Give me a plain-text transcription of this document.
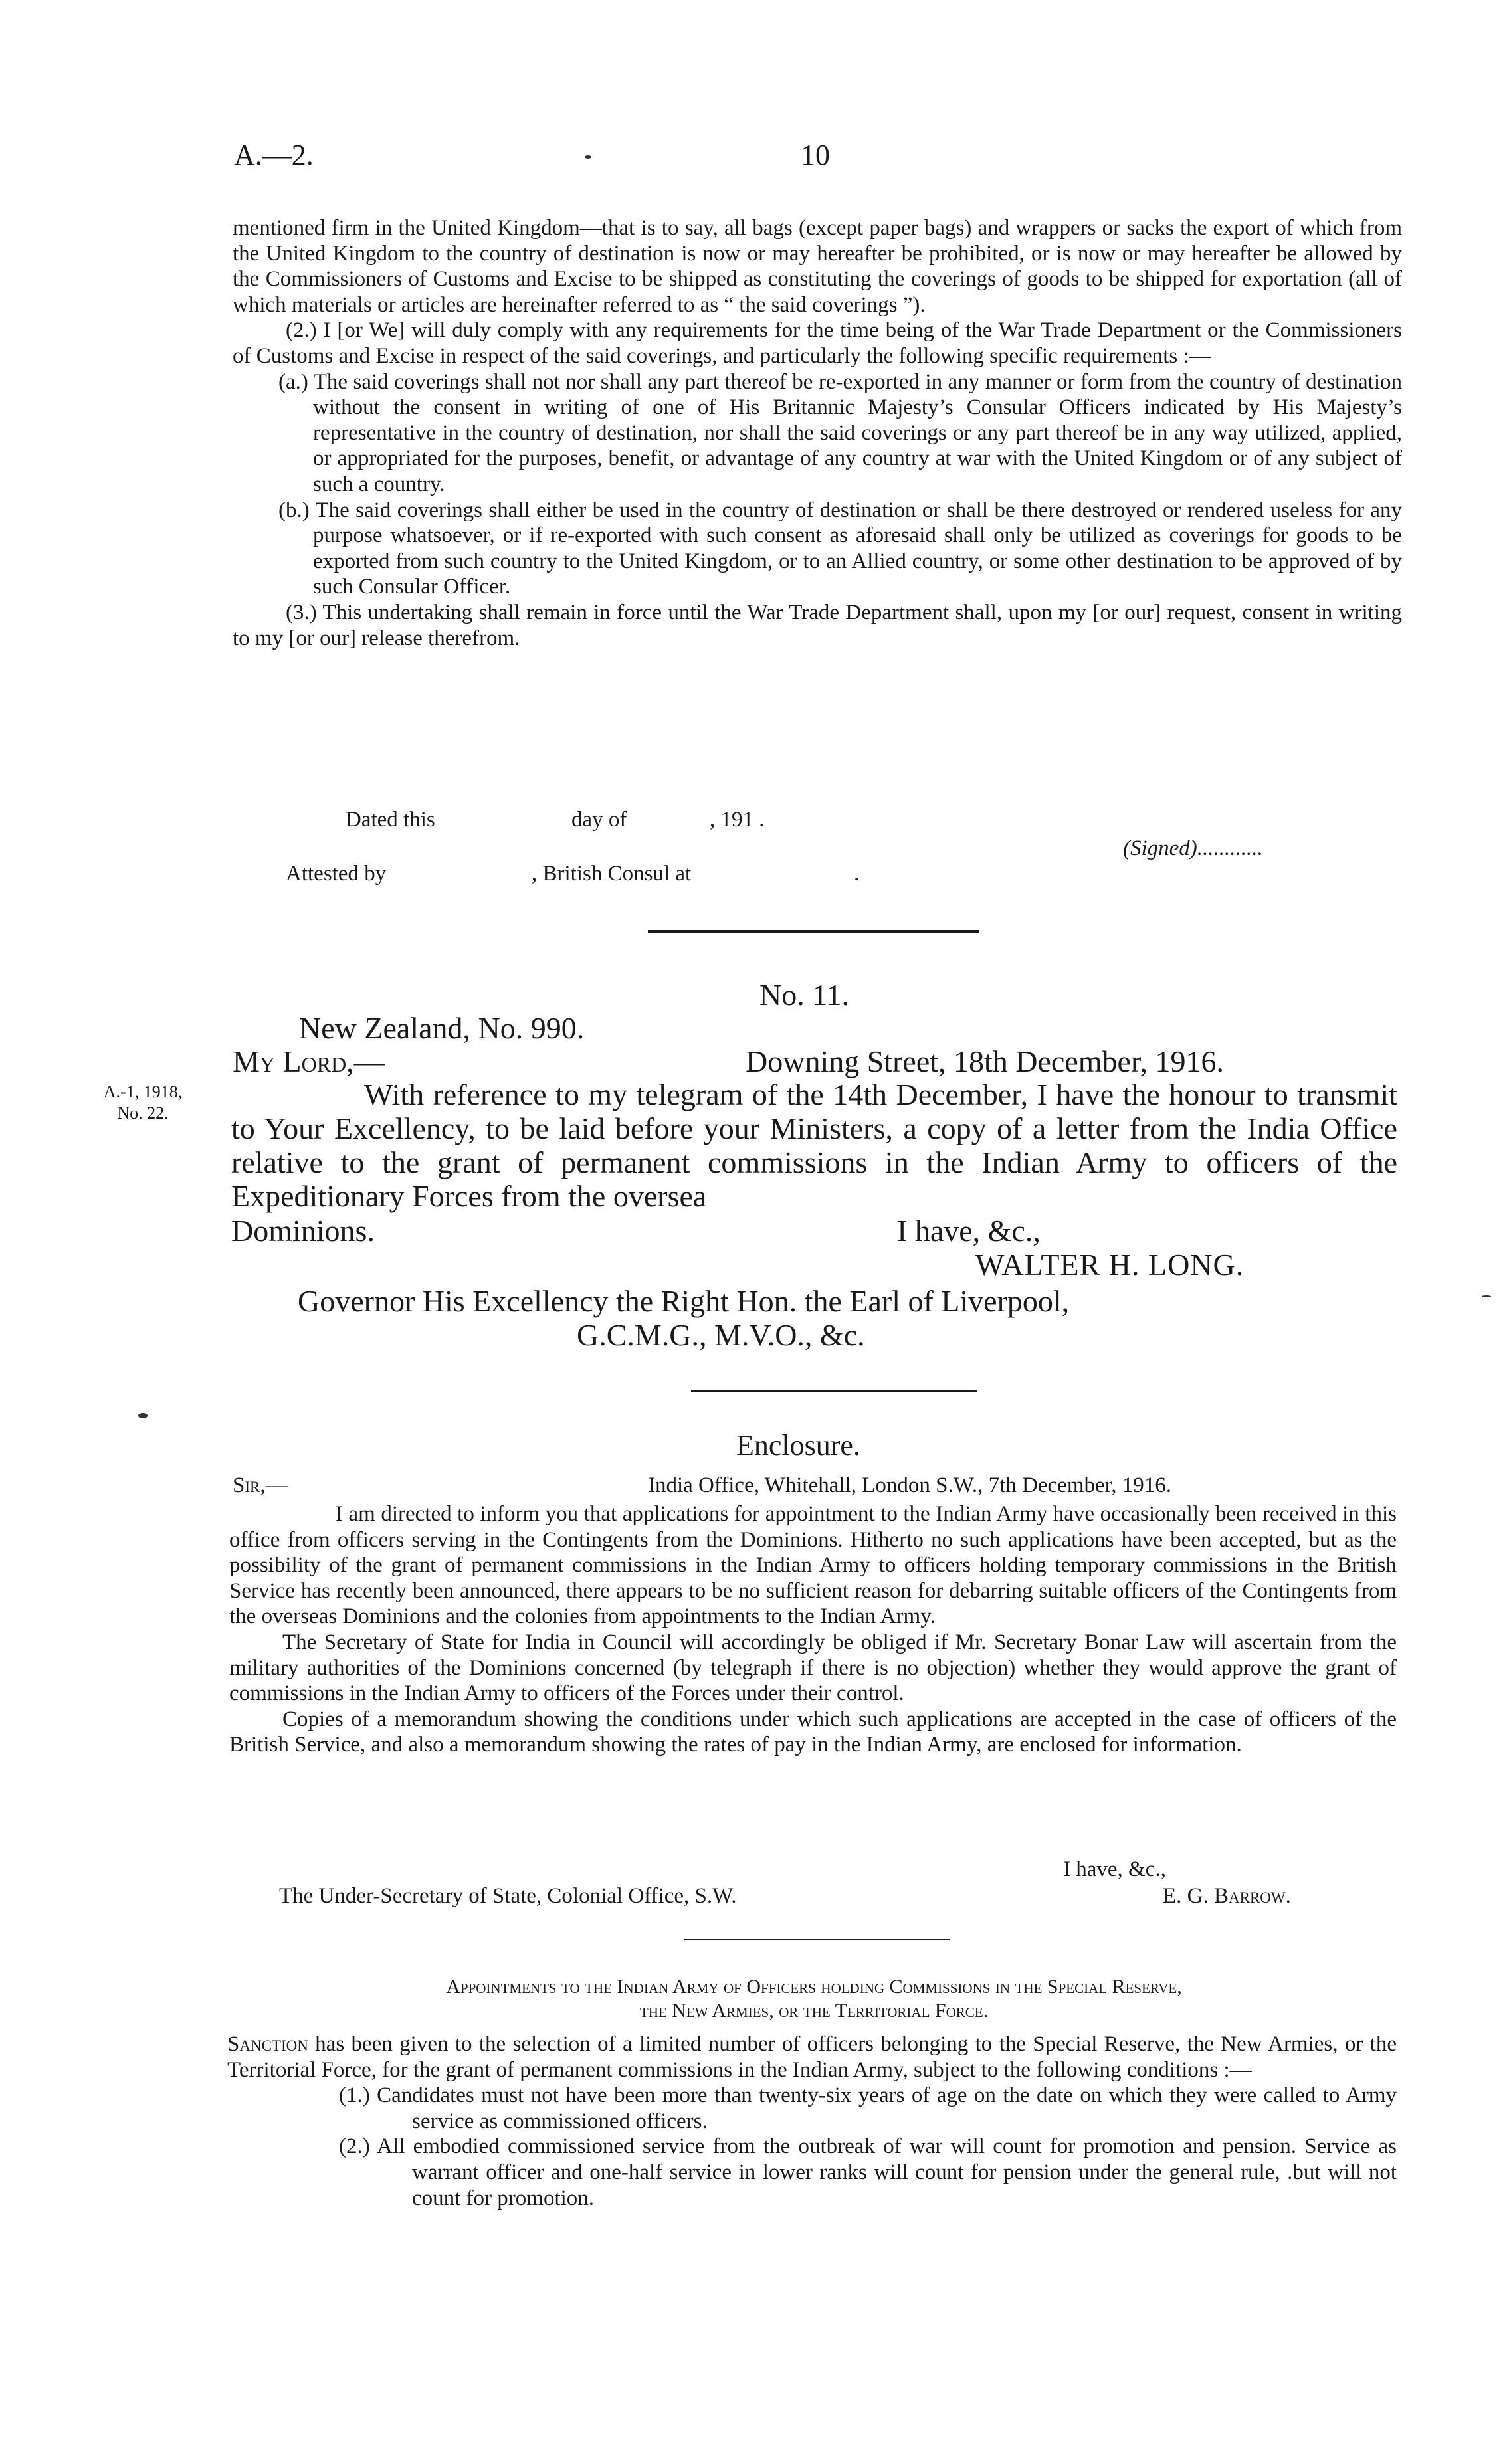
A.—2.	10

mentioned firm in the United Kingdom—that is to say, all bags (except paper bags) and wrappers or sacks the export of which from the United Kingdom to the country of destination is now or may hereafter be prohibited, or is now or may hereafter be allowed by the Commissioners of Customs and Excise to be shipped as constituting the coverings of goods to be shipped for exportation (all of which materials or articles are hereinafter referred to as “ the said coverings ”).

(2.) I [or We] will duly comply with any requirements for the time being of the War Trade Department or the Commissioners of Customs and Excise in respect of the said coverings, and particularly the following specific requirements :—

(a.) The said coverings shall not nor shall any part thereof be re-exported in any manner or form from the country of destination without the consent in writing of one of His Britannic Majesty’s Consular Officers indicated by His Majesty’s representative in the country of destination, nor shall the said coverings or any part thereof be in any way utilized, applied, or appropriated for the purposes, benefit, or advantage of any country at war with the United Kingdom or of any subject of such a country.

(b.) The said coverings shall either be used in the country of destination or shall be there destroyed or rendered useless for any purpose whatsoever, or if re-exported with such consent as aforesaid shall only be utilized as coverings for goods to be exported from such country to the United Kingdom, or to an Allied country, or some other destination to be approved of by such Consular Officer.

(3.) This undertaking shall remain in force until the War Trade Department shall, upon my [or our] request, consent in writing to my [or our] release therefrom.

Dated this	day of	, 191 .
(Signed)............
Attested by	, British Consul at	.
No. 11.
New Zealand, No. 990.
My Lord,—	Downing Street, 18th December, 1916.
A.-1, 1918,
No. 22.
With reference to my telegram of the 14th December, I have the honour to transmit to Your Excellency, to be laid before your Ministers, a copy of a letter from the India Office relative to the grant of permanent commissions in the Indian Army to officers of the Expeditionary Forces from the oversea
Dominions.	I have, &c.,
WALTER H. LONG.
Governor His Excellency the Right Hon. the Earl of Liverpool,
G.C.M.G., M.V.O., &c.
Enclosure.
Sir,—	India Office, Whitehall, London S.W., 7th December, 1916.

I am directed to inform you that applications for appointment to the Indian Army have occasionally been received in this office from officers serving in the Contingents from the Dominions. Hitherto no such applications have been accepted, but as the possibility of the grant of permanent commissions in the Indian Army to officers holding temporary commissions in the British Service has recently been announced, there appears to be no sufficient reason for debarring suitable officers of the Contingents from the overseas Dominions and the colonies from appointments to the Indian Army.

The Secretary of State for India in Council will accordingly be obliged if Mr. Secretary Bonar Law will ascertain from the military authorities of the Dominions concerned (by telegraph if there is no objection) whether they would approve the grant of commissions in the Indian Army to officers of the Forces under their control.

Copies of a memorandum showing the conditions under which such applications are accepted in the case of officers of the British Service, and also a memorandum showing the rates of pay in the Indian Army, are enclosed for information.

I have, &c.,
The Under-Secretary of State, Colonial Office, S.W.	E. G. Barrow.
Appointments to the Indian Army of Officers holding Commissions in the Special Reserve,
the New Armies, or the Territorial Force.

Sanction has been given to the selection of a limited number of officers belonging to the Special Reserve, the New Armies, or the Territorial Force, for the grant of permanent commissions in the Indian Army, subject to the following conditions :—

(1.) Candidates must not have been more than twenty-six years of age on the date on which they were called to Army service as commissioned officers.

(2.) All embodied commissioned service from the outbreak of war will count for promotion and pension. Service as warrant officer and one-half service in lower ranks will count for pension under the general rule, .but will not count for promotion.
